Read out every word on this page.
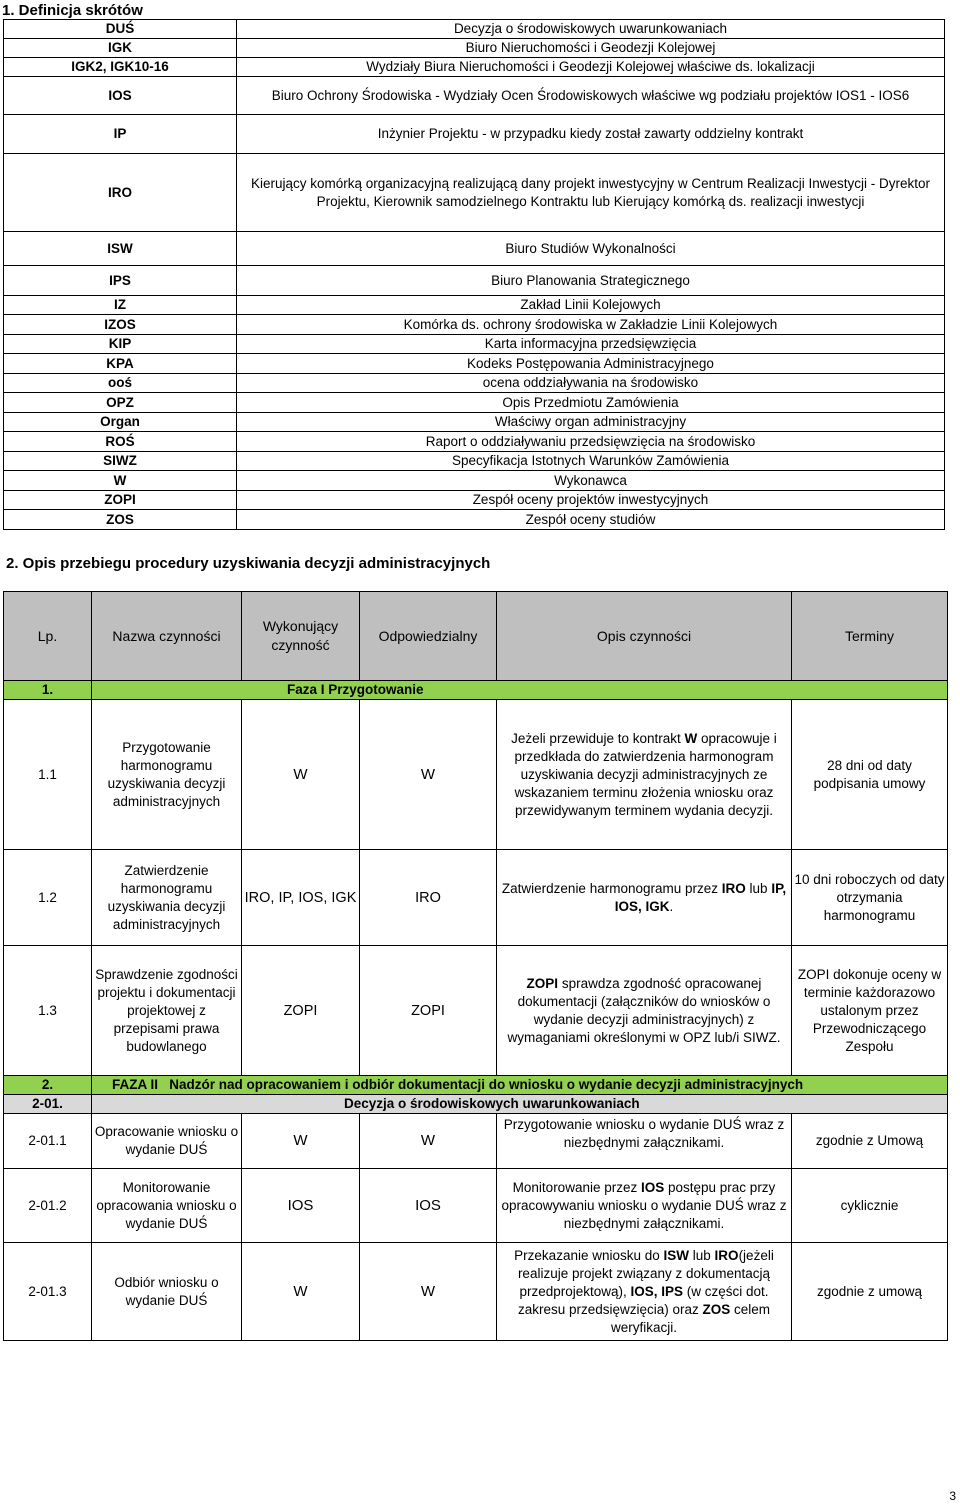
1. Definicja skrótów
DUŚ	Decyzja o środowiskowych uwarunkowaniach
IGK	Biuro Nieruchomości i Geodezji Kolejowej
IGK2, IGK10-16	Wydziały Biura Nieruchomości i Geodezji Kolejowej właściwe ds. lokalizacji
IOS	Biuro Ochrony Środowiska - Wydziały Ocen Środowiskowych właściwe wg podziału projektów IOS1 - IOS6
IP	Inżynier Projektu - w przypadku kiedy został zawarty oddzielny kontrakt
IRO	Kierujący komórką organizacyjną realizującą dany projekt inwestycyjny w Centrum Realizacji Inwestycji - Dyrektor Projektu, Kierownik samodzielnego Kontraktu lub Kierujący komórką ds. realizacji inwestycji
ISW	Biuro Studiów Wykonalności
IPS	Biuro Planowania Strategicznego
IZ	Zakład Linii Kolejowych
IZOS	Komórka ds. ochrony środowiska w Zakładzie Linii Kolejowych
KIP	Karta informacyjna przedsięwzięcia
KPA	Kodeks Postępowania Administracyjnego
ooś	ocena oddziaływania na środowisko
OPZ	Opis Przedmiotu Zamówienia
Organ	Właściwy organ administracyjny
ROŚ	Raport o oddziaływaniu przedsięwzięcia na środowisko
SIWZ	Specyfikacja Istotnych Warunków Zamówienia
W	Wykonawca
ZOPI	Zespół oceny projektów inwestycyjnych
ZOS	Zespół oceny studiów
2. Opis przebiegu procedury uzyskiwania decyzji administracyjnych
Lp.	Nazwa czynności	Wykonujący czynność	Odpowiedzialny	Opis czynności	Terminy
1.	Faza I Przygotowanie				
1.1	Przygotowanie harmonogramu uzyskiwania decyzji administracyjnych	W	W	Jeżeli przewiduje to kontrakt W opracowuje i przedkłada do zatwierdzenia harmonogram uzyskiwania decyzji administracyjnych ze wskazaniem terminu złożenia wniosku oraz przewidywanym terminem wydania decyzji.	28 dni od daty podpisania umowy
1.2	Zatwierdzenie harmonogramu uzyskiwania decyzji administracyjnych	IRO, IP, IOS, IGK	IRO	Zatwierdzenie harmonogramu przez IRO lub IP, IOS, IGK.	10 dni roboczych od daty otrzymania harmonogramu
1.3	Sprawdzenie zgodności projektu i dokumentacji projektowej z przepisami prawa budowlanego	ZOPI	ZOPI	ZOPI sprawdza zgodność opracowanej dokumentacji (załączników do wniosków o wydanie decyzji administracyjnych) z wymaganiami określonymi w OPZ lub/i SIWZ.	ZOPI dokonuje oceny w terminie każdorazowo ustalonym przez Przewodniczącego Zespołu
2.	FAZA II Nadzór nad opracowaniem i odbiór dokumentacji do wniosku o wydanie decyzji administracyjnych				
2-01.	Decyzja o środowiskowych uwarunkowaniach				
2-01.1	Opracowanie wniosku o wydanie DUŚ	W	W	Przygotowanie wniosku o wydanie DUŚ wraz z niezbędnymi załącznikami.	zgodnie z Umową
2-01.2	Monitorowanie opracowania wniosku o wydanie DUŚ	IOS	IOS	Monitorowanie przez IOS postępu prac przy opracowywaniu wniosku o wydanie DUŚ wraz z niezbędnymi załącznikami.	cyklicznie
2-01.3	Odbiór wniosku o wydanie DUŚ	W	W	Przekazanie wniosku do ISW lub IRO(jeżeli realizuje projekt związany z dokumentacją przedprojektową), IOS, IPS (w części dot. zakresu przedsięwzięcia) oraz ZOS celem weryfikacji.	zgodnie z umową
3
